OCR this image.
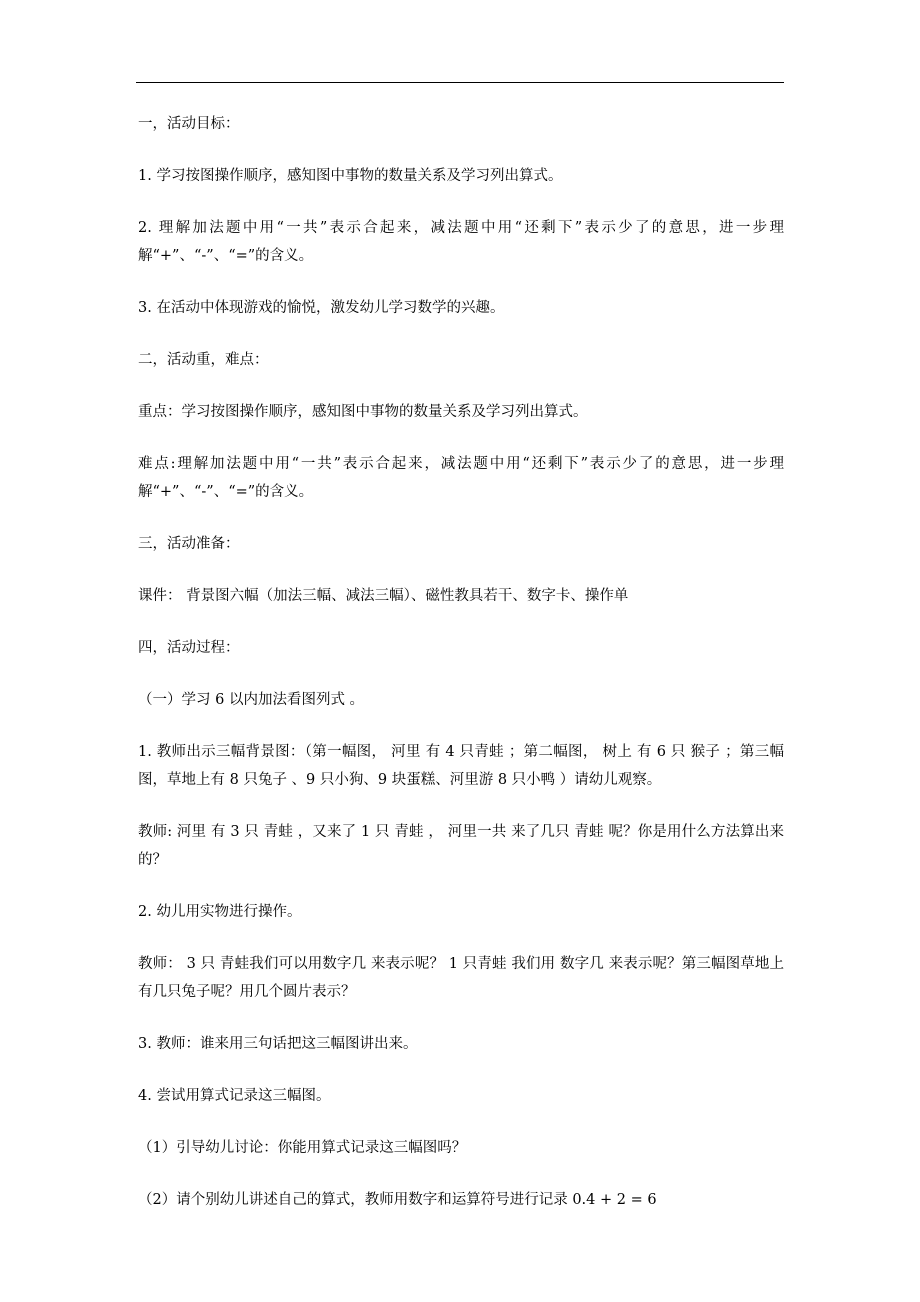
一，活动目标：

1. 学习按图操作顺序，感知图中事物的数量关系及学习列出算式。

2. 理解加法题中用“一共”表示合起来，减法题中用“还剩下”表示少了的意思，进一步理解“+”、“-”、“=”的含义。

3. 在活动中体现游戏的愉悦，激发幼儿学习数学的兴趣。

二，活动重，难点：

重点：学习按图操作顺序，感知图中事物的数量关系及学习列出算式。

难点:理解加法题中用“一共”表示合起来，减法题中用“还剩下”表示少了的意思，进一步理解“+”、“-”、“=”的含义。

三，活动准备：

课件： 背景图六幅（加法三幅、减法三幅）、磁性教具若干、数字卡、操作单

四，活动过程：

（一）学习 6 以内加法看图列式 。

1. 教师出示三幅背景图：（第一幅图， 河里 有 4 只青蛙 ；第二幅图， 树上 有 6 只 猴子 ；第三幅图，草地上有 8 只兔子 、9 只小狗、9 块蛋糕、河里游 8 只小鸭 ）请幼儿观察。

教师: 河里 有 3 只 青蛙 ，又来了 1 只 青蛙 ， 河里一共 来了几只 青蛙 呢？你是用什么方法算出来的？

2. 幼儿用实物进行操作。

教师： 3 只 青蛙我们可以用数字几 来表示呢？ 1 只青蛙 我们用 数字几 来表示呢？第三幅图草地上有几只兔子呢？用几个圆片表示？

3. 教师：谁来用三句话把这三幅图讲出来。

4. 尝试用算式记录这三幅图。

（1）引导幼儿讨论：你能用算式记录这三幅图吗？

（2）请个别幼儿讲述自己的算式，教师用数字和运算符号进行记录 0.4 + 2 = 6
